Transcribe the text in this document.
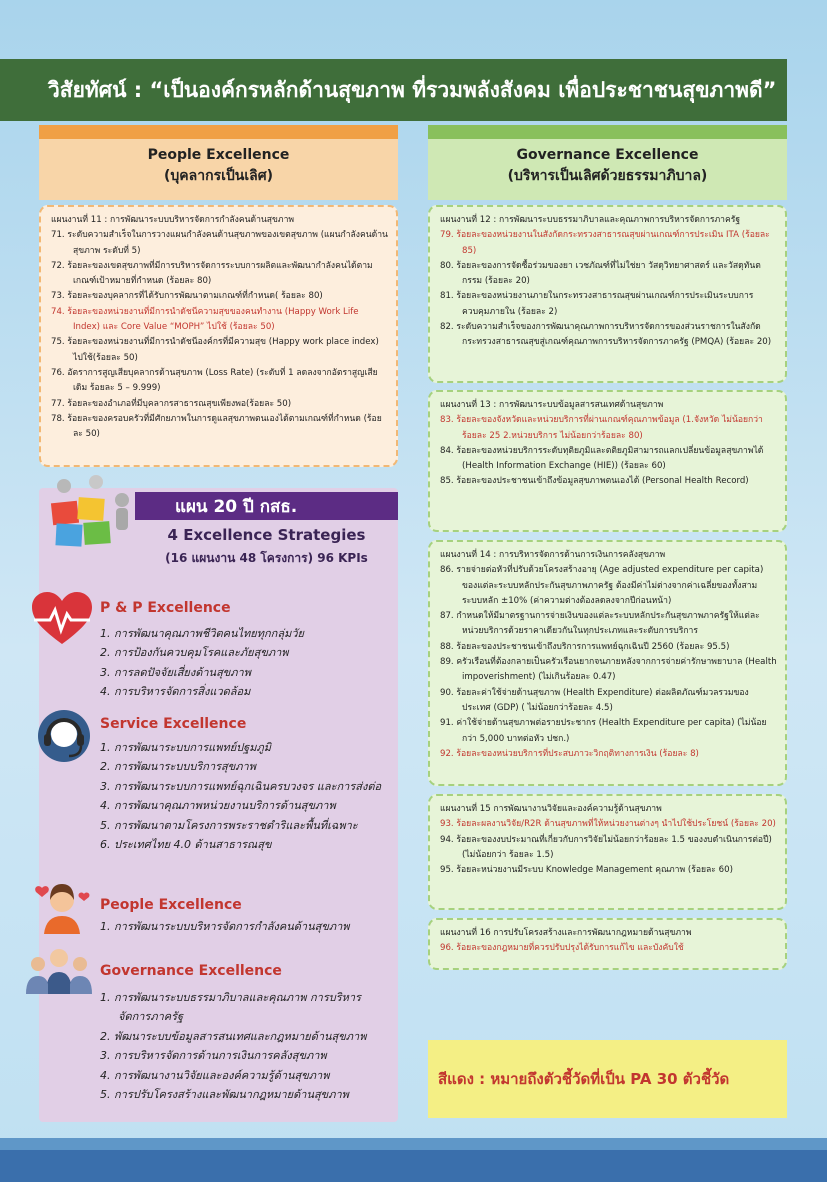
วิสัยทัศน์ : “เป็นองค์กรหลักด้านสุขภาพ ที่รวมพลังสังคม เพื่อประชาชนสุขภาพดี”
People Excellence
(บุคลากรเป็นเลิศ)
Governance Excellence
(บริหารเป็นเลิศด้วยธรรมาภิบาล)
แผนงานที่ 11 : การพัฒนาระบบบริหารจัดการกำลังคนด้านสุขภาพ
71. ระดับความสำเร็จในการวางแผนกำลังคนด้านสุขภาพของเขตสุขภาพ (แผนกำลังคนด้านสุขภาพ ระดับที่ 5)
72. ร้อยละของเขตสุขภาพที่มีการบริหารจัดการระบบการผลิตและพัฒนากำลังคนได้ตามเกณฑ์เป้าหมายที่กำหนด (ร้อยละ 80)
73. ร้อยละของบุคลากรที่ได้รับการพัฒนาตามเกณฑ์ที่กำหนด( ร้อยละ 80)
74. ร้อยละของหน่วยงานที่มีการนำดัชนีความสุขของคนทำงาน (Happy Work Life Index) และ Core Value “MOPH” ไปใช้ (ร้อยละ 50)
75. ร้อยละของหน่วยงานที่มีการนำดัชนีองค์กรที่มีความสุข (Happy work place index) ไปใช้(ร้อยละ 50)
76. อัตราการสูญเสียบุคลากรด้านสุขภาพ (Loss Rate) (ระดับที่ 1 ลดลงจากอัตราสูญเสียเดิม ร้อยละ 5 – 9.999)
77. ร้อยละของอำเภอที่มีบุคลากรสาธารณสุขเพียงพอ(ร้อยละ 50)
78. ร้อยละของครอบครัวที่มีศักยภาพในการดูแลสุขภาพตนเองได้ตามเกณฑ์ที่กำหนด (ร้อยละ 50)
แผนงานที่ 12 : การพัฒนาระบบธรรมาภิบาลและคุณภาพการบริหารจัดการภาครัฐ
79. ร้อยละของหน่วยงานในสังกัดกระทรวงสาธารณสุขผ่านเกณฑ์การประเมิน ITA (ร้อยละ 85)
80. ร้อยละของการจัดซื้อร่วมของยา เวชภัณฑ์ที่ไม่ใช่ยา วัสดุวิทยาศาสตร์ และวัสดุทันตกรรม (ร้อยละ 20)
81. ร้อยละของหน่วยงานภายในกระทรวงสาธารณสุขผ่านเกณฑ์การประเมินระบบการควบคุมภายใน (ร้อยละ 2)
82. ระดับความสำเร็จของการพัฒนาคุณภาพการบริหารจัดการของส่วนราชการในสังกัดกระทรวงสาธารณสุขสู่เกณฑ์คุณภาพการบริหารจัดการภาครัฐ (PMQA) (ร้อยละ 20)
แผนงานที่ 13 : การพัฒนาระบบข้อมูลสารสนเทศด้านสุขภาพ
83. ร้อยละของจังหวัดและหน่วยบริการที่ผ่านเกณฑ์คุณภาพข้อมูล (1.จังหวัด ไม่น้อยกว่าร้อยละ 25 2.หน่วยบริการ ไม่น้อยกว่าร้อยละ 80)
84. ร้อยละของหน่วยบริการระดับทุติยภูมิและตติยภูมิสามารถแลกเปลี่ยนข้อมูลสุขภาพได้ (Health Information Exchange (HIE)) (ร้อยละ 60)
85. ร้อยละของประชาชนเข้าถึงข้อมูลสุขภาพตนเองได้ (Personal Health Record)
แผนงานที่ 14 : การบริหารจัดการด้านการเงินการคลังสุขภาพ
86. รายจ่ายต่อหัวที่ปรับด้วยโครงสร้างอายุ (Age adjusted expenditure per capita) ของแต่ละระบบหลักประกันสุขภาพภาครัฐ ต้องมีค่าไม่ต่างจากค่าเฉลี่ยของทั้งสามระบบหลัก ±10% (ค่าความต่างต้องลดลงจากปีก่อนหน้า)
87. กำหนดให้มีมาตรฐานการจ่ายเงินของแต่ละระบบหลักประกันสุขภาพภาครัฐให้แต่ละหน่วยบริการด้วยราคาเดียวกันในทุกประเภทและระดับการบริการ
88. ร้อยละของประชาชนเข้าถึงบริการการแพทย์ฉุกเฉินปี 2560 (ร้อยละ 95.5)
89. ครัวเรือนที่ต้องกลายเป็นครัวเรือนยากจนภายหลังจากการจ่ายค่ารักษาพยาบาล (Health impoverishment) (ไม่เกินร้อยละ 0.47)
90. ร้อยละค่าใช้จ่ายด้านสุขภาพ (Health Expenditure) ต่อผลิตภัณฑ์มวลรวมของประเทศ (GDP) ( ไม่น้อยกว่าร้อยละ 4.5)
91. ค่าใช้จ่ายด้านสุขภาพต่อรายประชากร (Health Expenditure per capita) (ไม่น้อยกว่า 5,000 บาทต่อหัว ปชก.)
92. ร้อยละของหน่วยบริการที่ประสบภาวะวิกฤติทางการเงิน (ร้อยละ 8)
แผนงานที่ 15 การพัฒนางานวิจัยและองค์ความรู้ด้านสุขภาพ
93. ร้อยละผลงานวิจัย/R2R ด้านสุขภาพที่ให้หน่วยงานต่างๆ นำไปใช้ประโยชน์ (ร้อยละ 20)
94. ร้อยละของงบประมาณที่เกี่ยวกับการวิจัยไม่น้อยกว่าร้อยละ 1.5 ของงบดำเนินการต่อปี) (ไม่น้อยกว่า ร้อยละ 1.5)
95. ร้อยละหน่วยงานมีระบบ Knowledge Management คุณภาพ (ร้อยละ 60)
แผนงานที่ 16 การปรับโครงสร้างและการพัฒนากฎหมายด้านสุขภาพ
96. ร้อยละของกฎหมายที่ควรปรับปรุงได้รับการแก้ไข และบังคับใช้
แผน 20 ปี กสธ.
4 Excellence Strategies
(16 แผนงาน 48 โครงการ) 96 KPIs
P & P Excellence
1. การพัฒนาคุณภาพชีวิตคนไทยทุกกลุ่มวัย
2. การป้องกันควบคุมโรคและภัยสุขภาพ
3. การลดปัจจัยเสี่ยงด้านสุขภาพ
4. การบริหารจัดการสิ่งแวดล้อม
Service Excellence
1. การพัฒนาระบบการแพทย์ปฐมภูมิ
2. การพัฒนาระบบบริการสุขภาพ
3. การพัฒนาระบบการแพทย์ฉุกเฉินครบวงจร และการส่งต่อ
4. การพัฒนาคุณภาพหน่วยงานบริการด้านสุขภาพ
5. การพัฒนาตามโครงการพระราชดำริและพื้นที่เฉพาะ
6. ประเทศไทย 4.0 ด้านสาธารณสุข
People Excellence
1. การพัฒนาระบบบริหารจัดการกำลังคนด้านสุขภาพ
Governance Excellence
1. การพัฒนาระบบธรรมาภิบาลและคุณภาพ การบริหารจัดการภาครัฐ
2. พัฒนาระบบข้อมูลสารสนเทศและกฎหมายด้านสุขภาพ
3. การบริหารจัดการด้านการเงินการคลังสุขภาพ
4. การพัฒนางานวิจัยและองค์ความรู้ด้านสุขภาพ
5. การปรับโครงสร้างและพัฒนากฎหมายด้านสุขภาพ
สีแดง : หมายถึงตัวชี้วัดที่เป็น PA 30 ตัวชี้วัด
